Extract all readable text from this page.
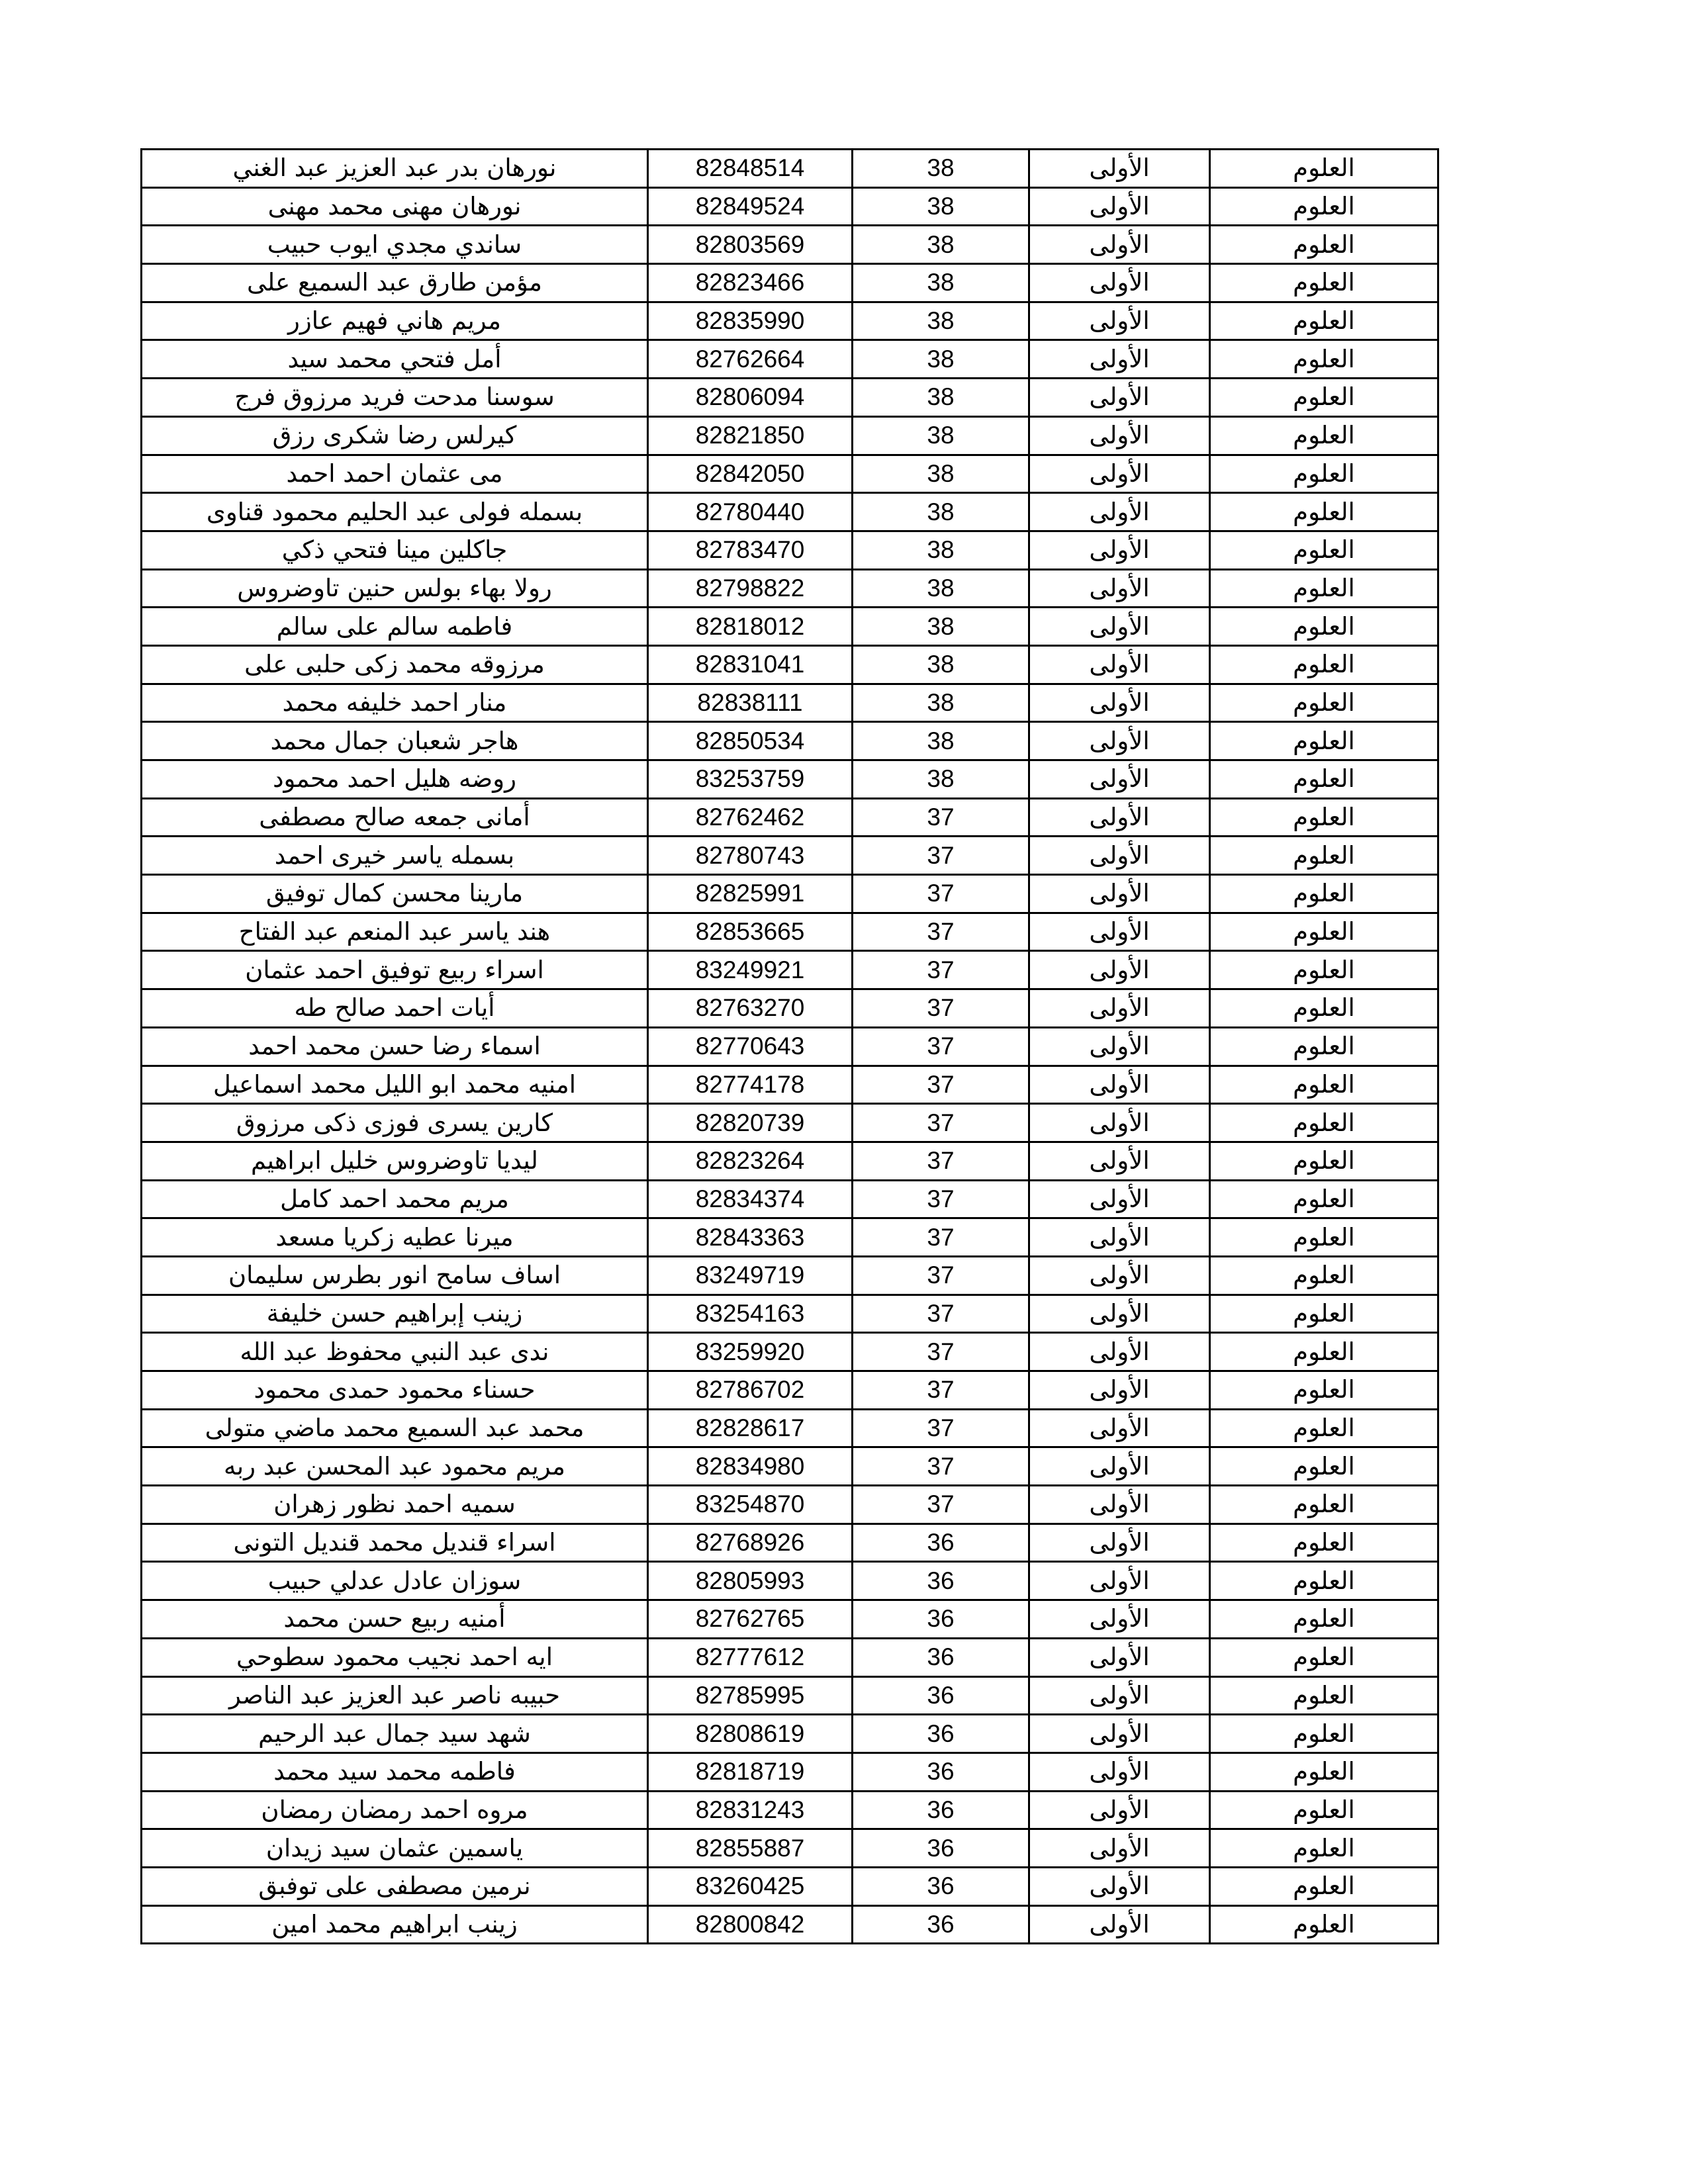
نورهان بدر عبد العزيز عبد الغني	82848514	38	الأولى	العلوم
نورهان مهنى محمد مهنى	82849524	38	الأولى	العلوم
ساندي مجدي ايوب حبيب	82803569	38	الأولى	العلوم
مؤمن طارق عبد السميع على	82823466	38	الأولى	العلوم
مريم هاني فهيم عازر	82835990	38	الأولى	العلوم
أمل فتحي محمد سيد	82762664	38	الأولى	العلوم
سوسنا مدحت فريد مرزوق فرج	82806094	38	الأولى	العلوم
كيرلس رضا شكرى رزق	82821850	38	الأولى	العلوم
مى عثمان احمد احمد	82842050	38	الأولى	العلوم
بسمله فولى عبد الحليم محمود قناوى	82780440	38	الأولى	العلوم
جاكلين مينا فتحي ذكي	82783470	38	الأولى	العلوم
رولا بهاء بولس حنين تاوضروس	82798822	38	الأولى	العلوم
فاطمه سالم على سالم	82818012	38	الأولى	العلوم
مرزوقه محمد زكى حلبى على	82831041	38	الأولى	العلوم
منار احمد خليفه محمد	82838111	38	الأولى	العلوم
هاجر شعبان جمال محمد	82850534	38	الأولى	العلوم
روضه هليل احمد محمود	83253759	38	الأولى	العلوم
أمانى جمعه صالح مصطفى	82762462	37	الأولى	العلوم
بسمله ياسر خيرى احمد	82780743	37	الأولى	العلوم
مارينا محسن كمال توفيق	82825991	37	الأولى	العلوم
هند ياسر عبد المنعم عبد الفتاح	82853665	37	الأولى	العلوم
اسراء ربيع توفيق احمد عثمان	83249921	37	الأولى	العلوم
أيات احمد صالح طه	82763270	37	الأولى	العلوم
اسماء رضا حسن محمد احمد	82770643	37	الأولى	العلوم
امنيه محمد ابو الليل محمد اسماعيل	82774178	37	الأولى	العلوم
كارين يسرى فوزى ذكى مرزوق	82820739	37	الأولى	العلوم
ليديا تاوضروس خليل ابراهيم	82823264	37	الأولى	العلوم
مريم محمد احمد كامل	82834374	37	الأولى	العلوم
ميرنا عطيه زكريا مسعد	82843363	37	الأولى	العلوم
اساف سامح انور بطرس سليمان	83249719	37	الأولى	العلوم
زينب إبراهيم حسن خليفة	83254163	37	الأولى	العلوم
ندى عبد النبي محفوظ عبد الله	83259920	37	الأولى	العلوم
حسناء محمود حمدى محمود	82786702	37	الأولى	العلوم
محمد عبد السميع محمد ماضي متولى	82828617	37	الأولى	العلوم
مريم محمود عبد المحسن عبد ربه	82834980	37	الأولى	العلوم
سميه احمد نظور زهران	83254870	37	الأولى	العلوم
اسراء قنديل محمد قنديل التونى	82768926	36	الأولى	العلوم
سوزان عادل عدلي حبيب	82805993	36	الأولى	العلوم
أمنيه ربيع حسن محمد	82762765	36	الأولى	العلوم
ايه احمد نجيب محمود سطوحي	82777612	36	الأولى	العلوم
حبيبه ناصر عبد العزيز عبد الناصر	82785995	36	الأولى	العلوم
شهد سيد جمال عبد الرحيم	82808619	36	الأولى	العلوم
فاطمه محمد سيد محمد	82818719	36	الأولى	العلوم
مروه احمد رمضان رمضان	82831243	36	الأولى	العلوم
ياسمين عثمان سيد زيدان	82855887	36	الأولى	العلوم
نرمين مصطفى على توفبق	83260425	36	الأولى	العلوم
زينب ابراهيم محمد امين	82800842	36	الأولى	العلوم
